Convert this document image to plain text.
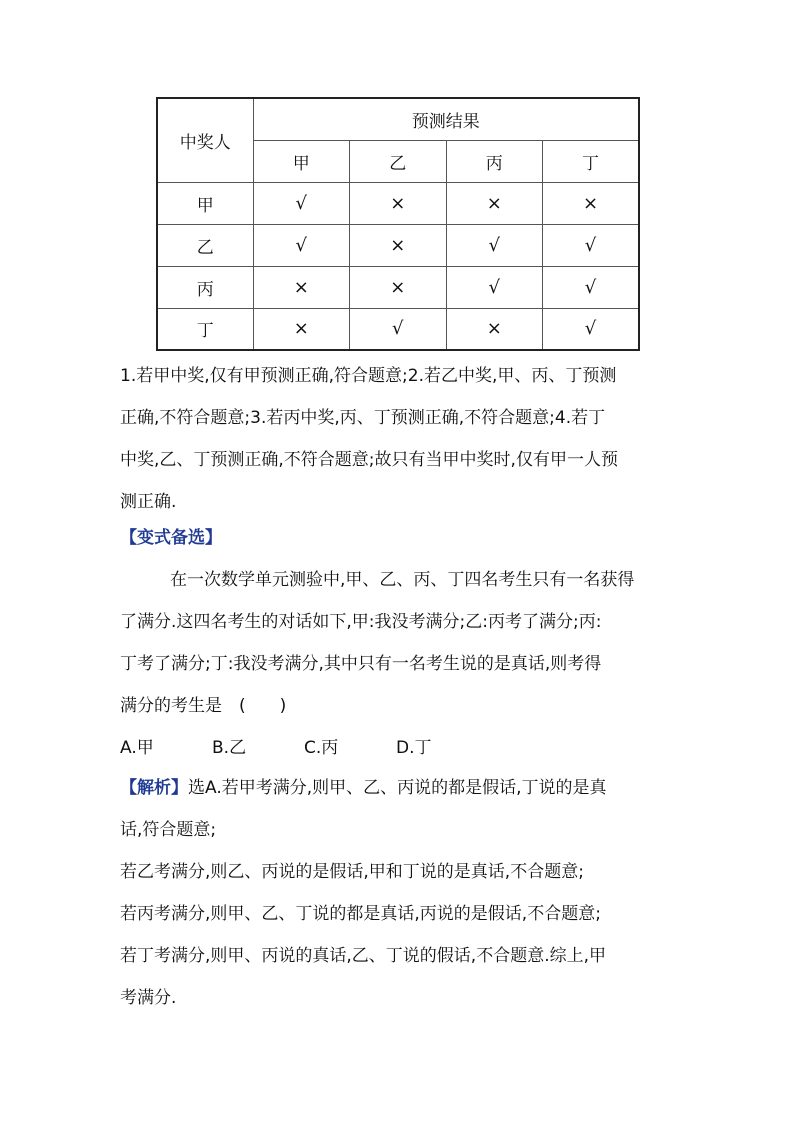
中奖人	预测结果			
	甲	乙	丙	丁
甲	√	×	×	×
乙	√	×	√	√
丙	×	×	√	√
丁	×	√	×	√
1.若甲中奖,仅有甲预测正确,符合题意;2.若乙中奖,甲、丙、丁预测
正确,不符合题意;3.若丙中奖,丙、丁预测正确,不符合题意;4.若丁
中奖,乙、丁预测正确,不符合题意;故只有当甲中奖时,仅有甲一人预
测正确.
【变式备选】
在一次数学单元测验中,甲、乙、丙、丁四名考生只有一名获得
了满分.这四名考生的对话如下,甲:我没考满分;乙:丙考了满分;丙:
丁考了满分;丁:我没考满分,其中只有一名考生说的是真话,则考得
满分的考生是　(　　)
A.甲	B.乙	C.丙	D.丁
【解析】选A.若甲考满分,则甲、乙、丙说的都是假话,丁说的是真
话,符合题意;
若乙考满分,则乙、丙说的是假话,甲和丁说的是真话,不合题意;
若丙考满分,则甲、乙、丁说的都是真话,丙说的是假话,不合题意;
若丁考满分,则甲、丙说的真话,乙、丁说的假话,不合题意.综上,甲
考满分.
